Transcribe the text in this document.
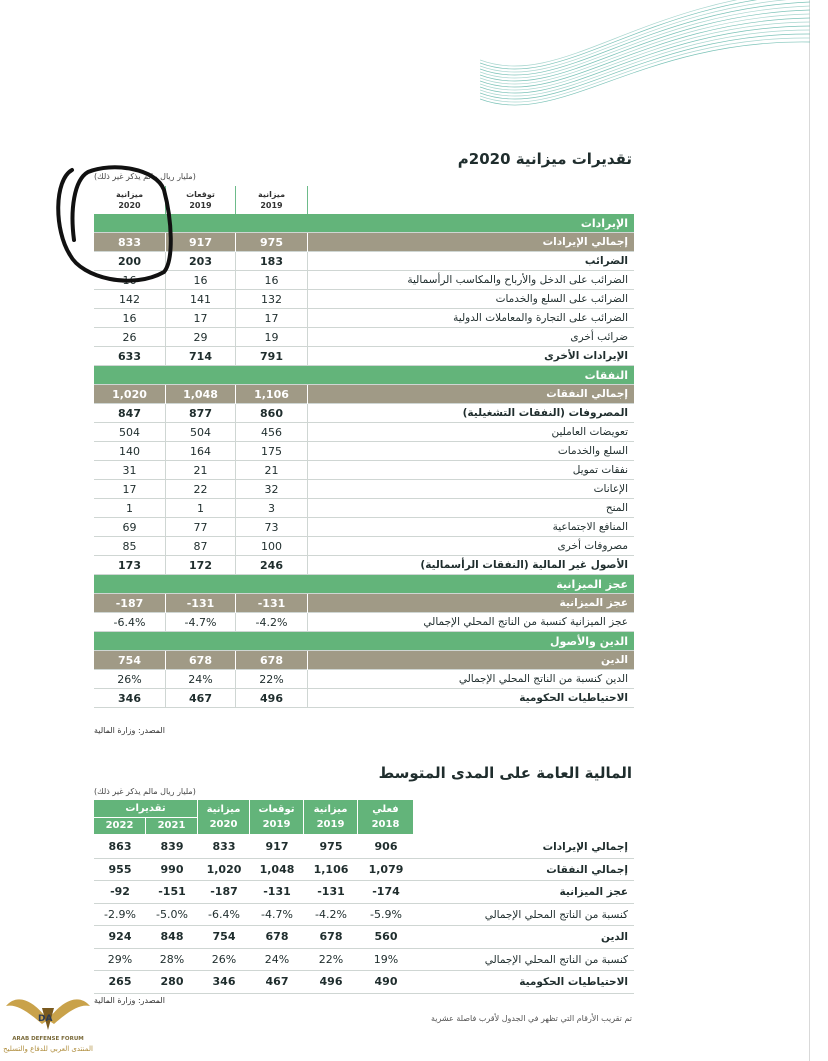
تقديرات ميزانية 2020م
(مليار ريال مالم يذكر غير ذلك)
ميزانية
2020
توقعات
2019
ميزانية
2019
الإيرادات
833	917	975	إجمالي الإيرادات
200	203	183	الضرائب
16	16	16	الضرائب على الدخل والأرباح والمكاسب الرأسمالية
142	141	132	الضرائب على السلع والخدمات
16	17	17	الضرائب على التجارة والمعاملات الدولية
26	29	19	ضرائب أخرى
633	714	791	الإيرادات الأخرى
النفقات
1,020	1,048	1,106	إجمالي النفقات
847	877	860	المصروفات (النفقات التشغيلية)
504	504	456	تعويضات العاملين
140	164	175	السلع والخدمات
31	21	21	نفقات تمويل
17	22	32	الإعانات
1	1	3	المنح
69	77	73	المنافع الاجتماعية
85	87	100	مصروفات أخرى
173	172	246	الأصول غير المالية (النفقات الرأسمالية)
عجز الميزانية
-187	-131	-131	عجز الميزانية
-6.4%	-4.7%	-4.2%	عجز الميزانية كنسبة من الناتج المحلي الإجمالي
الدين والأصول
754	678	678	الدين
26%	24%	22%	الدين كنسبة من الناتج المحلي الإجمالي
346	467	496	الاحتياطيات الحكومية
المصدر: وزارة المالية
المالية العامة على المدى المتوسط
(مليار ريال مالم يذكر غير ذلك)
تقديرات
2022	2021
ميزانية
2020
توقعات
2019
ميزانية
2019
فعلي
2018
863	839	833	917	975	906	إجمالي الإيرادات
955	990	1,020	1,048	1,106	1,079	إجمالي النفقات
-92	-151	-187	-131	-131	-174	عجز الميزانية
-2.9%	-5.0%	-6.4%	-4.7%	-4.2%	-5.9%	كنسبة من الناتج المحلي الإجمالي
924	848	754	678	678	560	الدين
29%	28%	26%	24%	22%	19%	كنسبة من الناتج المحلي الإجمالي
265	280	346	467	496	490	الاحتياطيات الحكومية
المصدر: وزارة المالية
تم تقريب الأرقام التي تظهر في الجدول لأقرب فاصلة عشرية
DA
ARAB DEFENSE FORUM
المنتدى العربي للدفاع والتسليح
